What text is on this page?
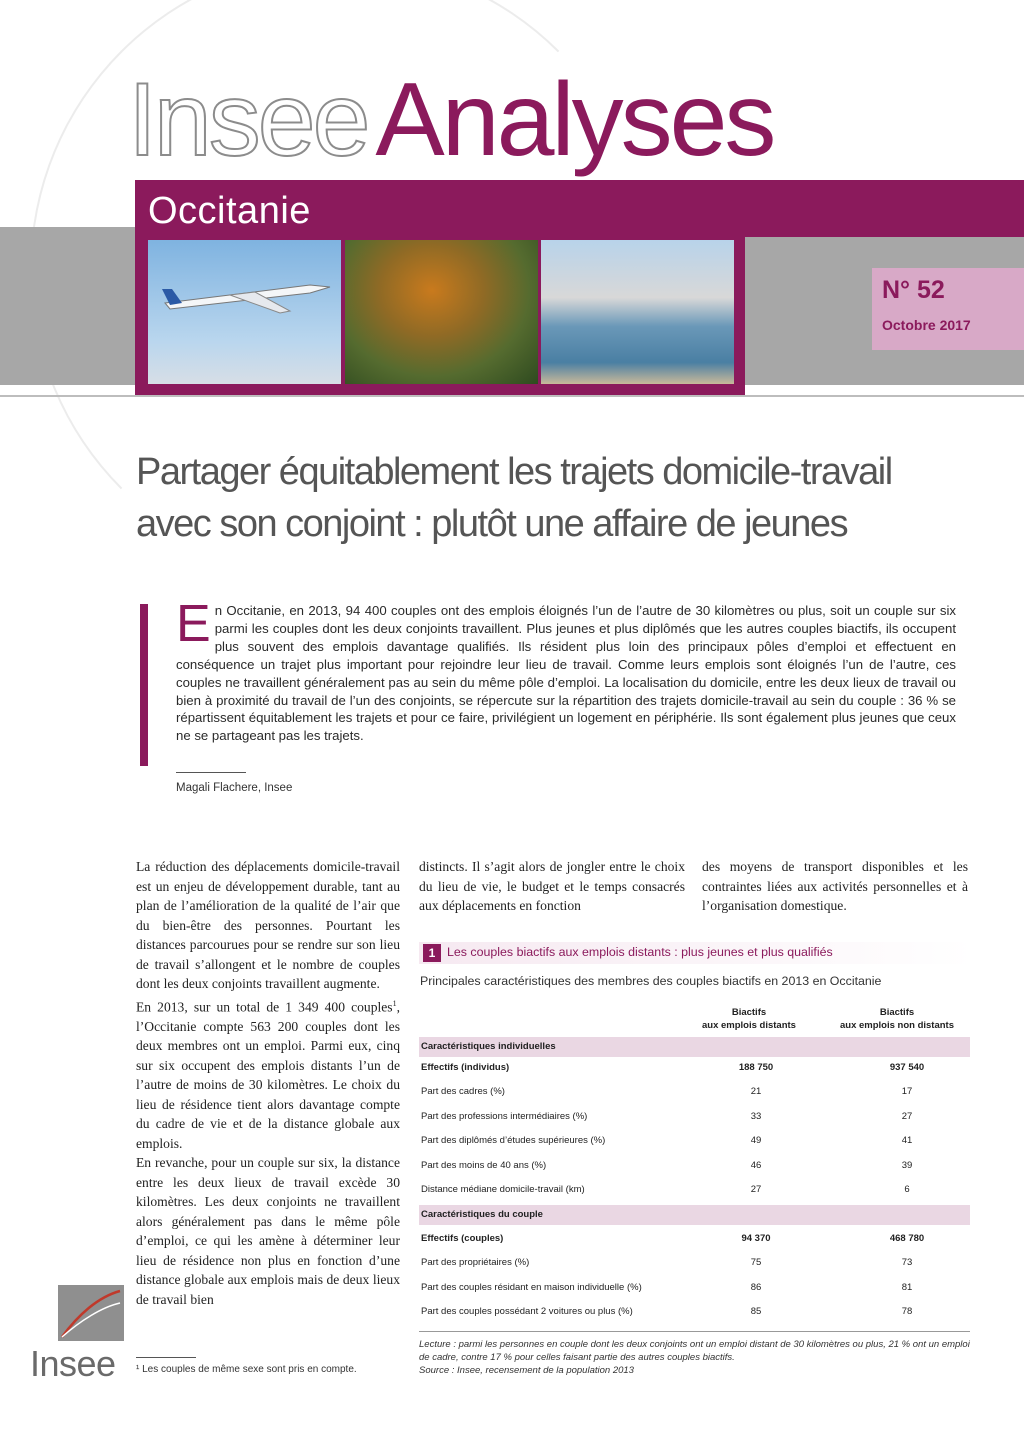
InseeAnalyses
Occitanie
N° 52
Octobre 2017
Partager équitablement les trajets domicile-travail
avec son conjoint : plutôt une affaire de jeunes
En Occitanie, en 2013, 94 400 couples ont des emplois éloignés l’un de l’autre de 30 kilomètres ou plus, soit un couple sur six parmi les couples dont les deux conjoints travaillent. Plus jeunes et plus diplômés que les autres couples biactifs, ils occupent plus souvent des emplois davantage qualifiés. Ils résident plus loin des principaux pôles d’emploi et effectuent en conséquence un trajet plus important pour rejoindre leur lieu de travail. Comme leurs emplois sont éloignés l’un de l’autre, ces couples ne travaillent généralement pas au sein du même pôle d’emploi. La localisation du domicile, entre les deux lieux de travail ou bien à proximité du travail de l’un des conjoints, se répercute sur la répartition des trajets domicile-travail au sein du couple : 36 % se répartissent équitablement les trajets et pour ce faire, privilégient un logement en périphérie. Ils sont également plus jeunes que ceux ne se partageant pas les trajets.
Magali Flachere, Insee

La réduction des déplacements domicile-travail est un enjeu de développement durable, tant au plan de l’amélioration de la qualité de l’air que du bien-être des personnes. Pourtant les distances parcourues pour se rendre sur son lieu de travail s’allongent et le nombre de couples dont les deux conjoints travaillent augmente.

En 2013, sur un total de 1 349 400 couples$^1$, l’Occitanie compte 563 200 couples dont les deux membres ont un emploi. Parmi eux, cinq sur six occupent des emplois distants l’un de l’autre de moins de 30 kilomètres. Le choix du lieu de résidence tient alors davantage compte du cadre de vie et de la distance globale aux emplois.

En revanche, pour un couple sur six, la distance entre les deux lieux de travail excède 30 kilomètres. Les deux conjoints ne travaillent alors généralement pas dans le même pôle d’emploi, ce qui les amène à déterminer leur lieu de résidence non plus en fonction d’une distance globale aux emplois mais de deux lieux de travail bien

distincts. Il s’agit alors de jongler entre le choix du lieu de vie, le budget et le temps consacrés aux déplacements en fonction

des moyens de transport disponibles et les contraintes liées aux activités personnelles et à l’organisation domestique.

¹ Les couples de même sexe sont pris en compte.
Insee
1 Les couples biactifs aux emplois distants : plus jeunes et plus qualifiés
Principales caractéristiques des membres des couples biactifs en 2013 en Occitanie
Biactifs
aux emplois distants
Biactifs
aux emplois non distants
Caractéristiques individuelles
Effectifs (individus)	188 750	937 540
Part des cadres (%)	21	17
Part des professions intermédiaires (%)	33	27
Part des diplômés d’études supérieures (%)	49	41
Part des moins de 40 ans (%)	46	39
Distance médiane domicile-travail (km)	27	6
Caractéristiques du couple
Effectifs (couples)	94 370	468 780
Part des propriétaires (%)	75	73
Part des couples résidant en maison individuelle (%)	86	81
Part des couples possédant 2 voitures ou plus (%)	85	78
Lecture : parmi les personnes en couple dont les deux conjoints ont un emploi distant de 30 kilomètres ou plus, 21 % ont un emploi de cadre, contre 17 % pour celles faisant partie des autres couples biactifs.
Source : Insee, recensement de la population 2013
